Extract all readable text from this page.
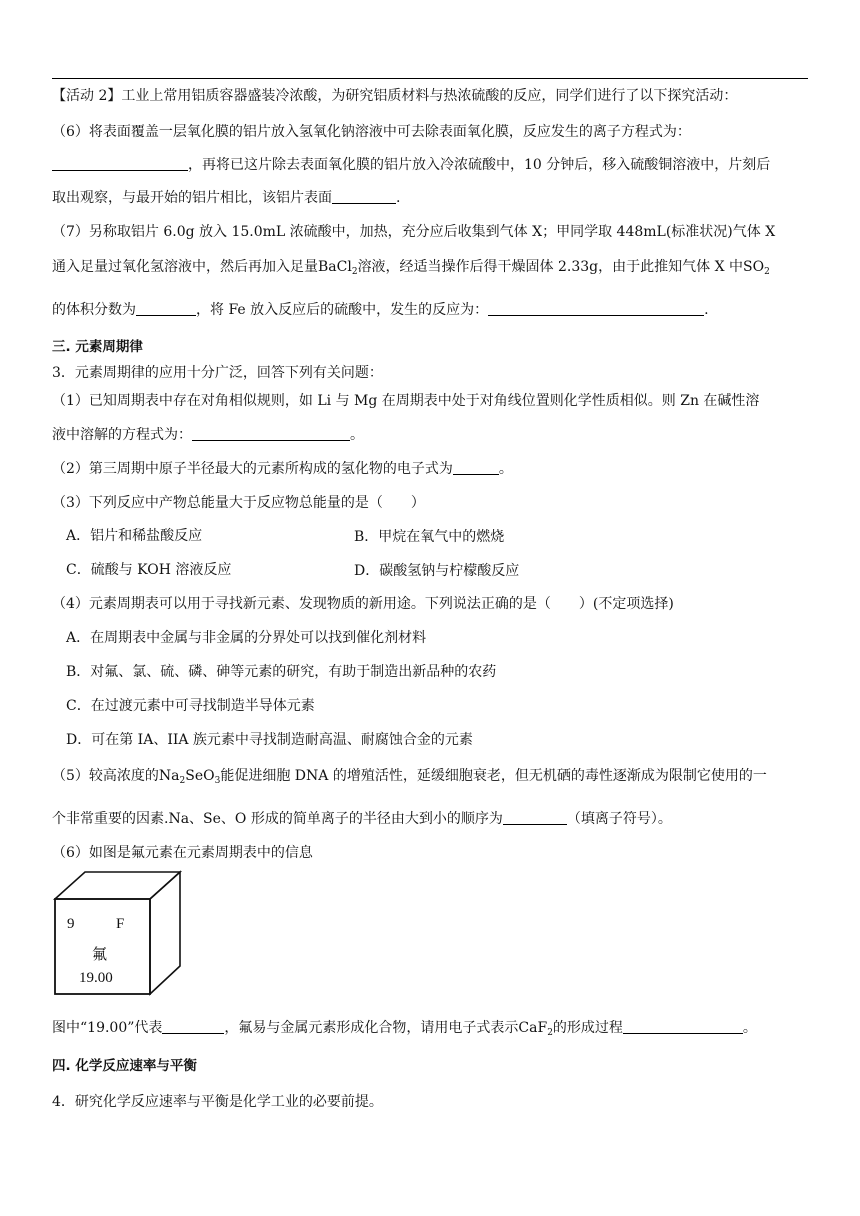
【活动 2】工业上常用铝质容器盛装冷浓酸，为研究铝质材料与热浓硫酸的反应，同学们进行了以下探究活动：
（6）将表面覆盖一层氧化膜的铝片放入氢氧化钠溶液中可去除表面氧化膜，反应发生的离子方程式为：
，再将已这片除去表面氧化膜的铝片放入冷浓硫酸中，10 分钟后，移入硫酸铜溶液中，片刻后
取出观察，与最开始的铝片相比，该铝片表面	.
（7）另称取铝片 6.0g 放入 15.0mL 浓硫酸中，加热，充分应后收集到气体 X；甲同学取 448mL(标准状况)气体 X
通入足量过氧化氢溶液中，然后再加入足量BaCl$_2$溶液，经适当操作后得干燥固体 2.33g，由于此推知气体 X 中$SO_2$
的体积分数为	，将 Fe 放入反应后的硫酸中，发生的反应为：	.
三. 元素周期律
3．元素周期律的应用十分广泛，回答下列有关问题：
（1）已知周期表中存在对角相似规则，如 Li 与 Mg 在周期表中处于对角线位置则化学性质相似。则 Zn 在碱性溶
液中溶解的方程式为：	。
（2）第三周期中原子半径最大的元素所构成的氢化物的电子式为	。
（3）下列反应中产物总能量大于反应物总能量的是（　　）
A．铝片和稀盐酸反应	B．甲烷在氧气中的燃烧
C．硫酸与 KOH 溶液反应	D．碳酸氢钠与柠檬酸反应
（4）元素周期表可以用于寻找新元素、发现物质的新用途。下列说法正确的是（　　）(不定项选择)
A．在周期表中金属与非金属的分界处可以找到催化剂材料
B．对氟、氯、硫、磷、砷等元素的研究，有助于制造出新品种的农药
C．在过渡元素中可寻找制造半导体元素
D．可在第 IA、IIA 族元素中寻找制造耐高温、耐腐蚀合金的元素
（5）较高浓度的$Na_2SeO_3$能促进细胞 DNA 的增殖活性，延缓细胞衰老，但无机硒的毒性逐渐成为限制它使用的一
个非常重要的因素.Na、Se、O 形成的简单离子的半径由大到小的顺序为	（填离子符号）。
（6）如图是氟元素在元素周期表中的信息
9	F
氟
19.00
图中“19.00”代表	，氟易与金属元素形成化合物，请用电子式表示CaF$_2$的形成过程	。
四. 化学反应速率与平衡
4．研究化学反应速率与平衡是化学工业的必要前提。
